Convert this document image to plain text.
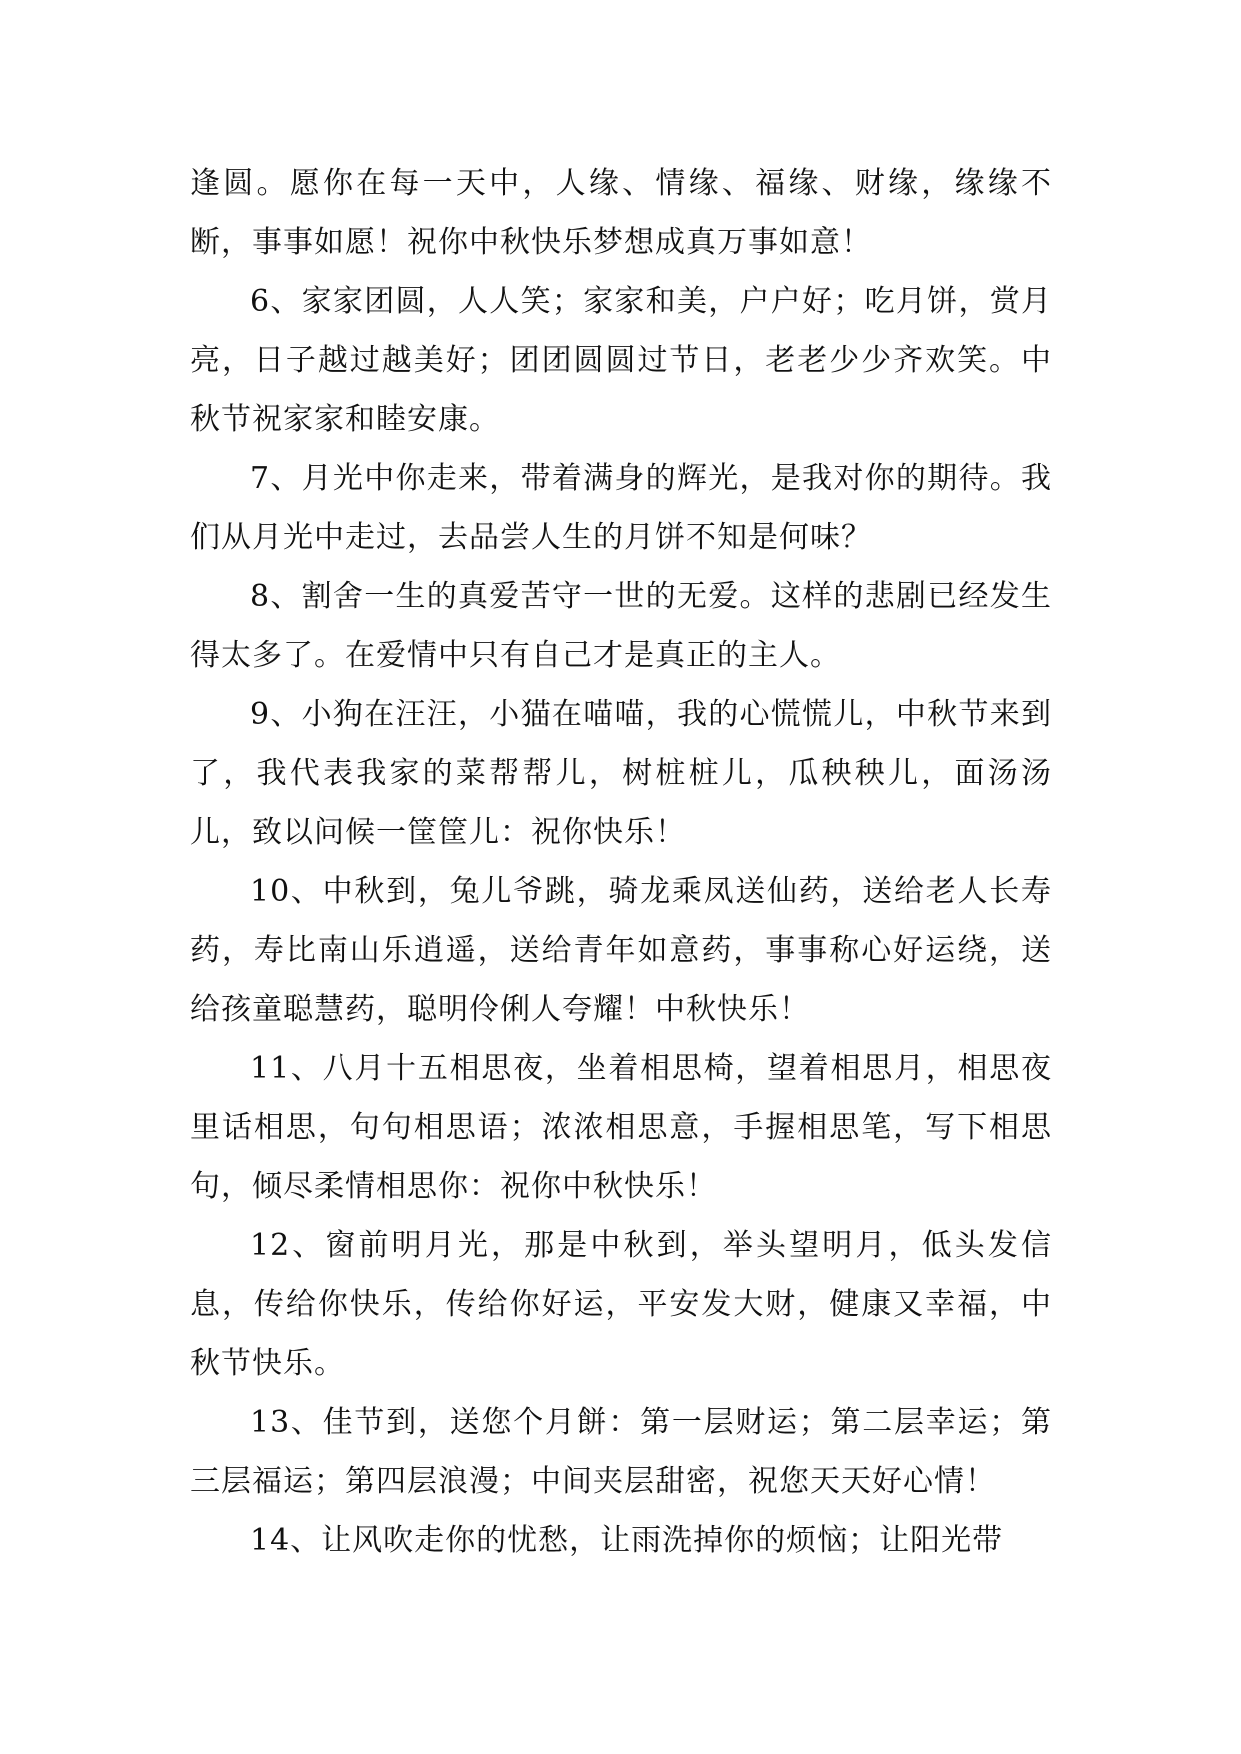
逢圆。愿你在每一天中，人缘、情缘、福缘、财缘，缘缘不断，事事如愿！祝你中秋快乐梦想成真万事如意！

6、家家团圆，人人笑；家家和美，户户好；吃月饼，赏月亮，日子越过越美好；团团圆圆过节日，老老少少齐欢笑。中秋节祝家家和睦安康。

7、月光中你走来，带着满身的辉光，是我对你的期待。我们从月光中走过，去品尝人生的月饼不知是何味？

8、割舍一生的真爱苦守一世的无爱。这样的悲剧已经发生得太多了。在爱情中只有自己才是真正的主人。

9、小狗在汪汪，小猫在喵喵，我的心慌慌儿，中秋节来到了，我代表我家的菜帮帮儿，树桩桩儿，瓜秧秧儿，面汤汤儿，致以问候一筐筐儿：祝你快乐！

10、中秋到，兔儿爷跳，骑龙乘凤送仙药，送给老人长寿药，寿比南山乐逍遥，送给青年如意药，事事称心好运绕，送给孩童聪慧药，聪明伶俐人夸耀！中秋快乐！

11、八月十五相思夜，坐着相思椅，望着相思月，相思夜里话相思，句句相思语；浓浓相思意，手握相思笔，写下相思句，倾尽柔情相思你：祝你中秋快乐！

12、窗前明月光，那是中秋到，举头望明月，低头发信息，传给你快乐，传给你好运，平安发大财，健康又幸福，中秋节快乐。

13、佳节到，送您个月餅：第一层财运；第二层幸运；第三层福运；第四层浪漫；中间夹层甜密，祝您天天好心情！

14、让风吹走你的忧愁，让雨洗掉你的烦恼；让阳光带
